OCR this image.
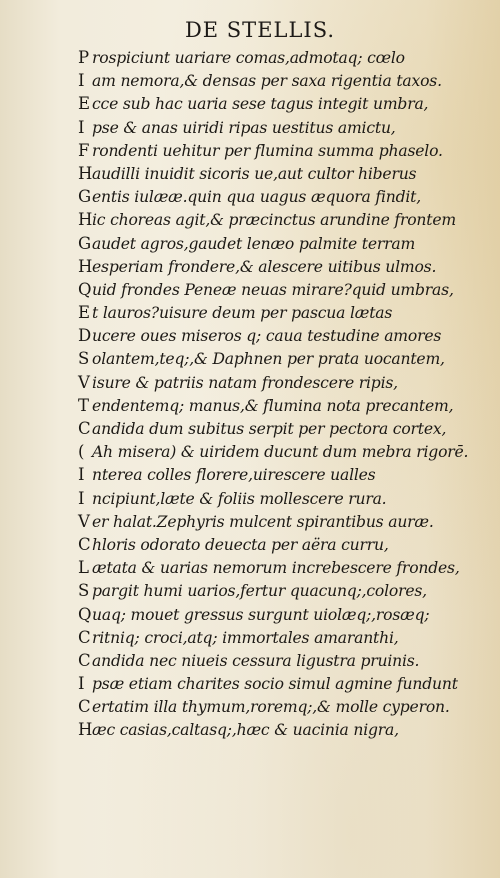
DE STELLIS.
P rospiciunt uariare comas,admotaq; cœlo
I am nemora,& densas per saxa rigentia taxos.
E cce sub hac uaria sese tagus integit umbra,
I pse & anas uiridi ripas uestitus amictu,
F rondenti uehitur per flumina summa phaselo.
Haudilli inuidit sicoris ue,aut cultor hiberus
Gentis iulææ.quin qua uagus æquora findit,
Hic choreas agit,& præcinctus arundine frontem
Gaudet agros,gaudet lenæo palmite terram
Hesperiam frondere,& alescere uitibus ulmos.
Quid frondes Peneæ neuas mirare?quid umbras,
E t lauros?uisure deum per pascua lætas
Ducere oues miseros q; caua testudine amores
S olantem,teq;,& Daphnen per prata uocantem,
V isure & patriis natam frondescere ripis,
T endentemq; manus,& flumina nota precantem,
C andida dum subitus serpit per pectora cortex,
( Ah misera) & uiridem ducunt dum mebra rigorē.
I nterea colles florere,uirescere ualles
I ncipiunt,læte & foliis mollescere rura.
V er halat.Zephyris mulcent spirantibus auræ.
C hloris odorato deuecta per aëra curru,
L ætata & uarias nemorum increbescere frondes,
S pargit humi uarios,fertur quacunq;,colores,
Quaq; mouet gressus surgunt uiolæq;,rosæq;
C ritniq; croci,atq; immortales amaranthi,
C andida nec niueis cessura ligustra pruinis.
I psæ etiam charites socio simul agmine fundunt
C ertatim illa thymum,roremq;,& molle cyperon.
Hæc casias,caltasq;,hæc & uacinia nigra,
